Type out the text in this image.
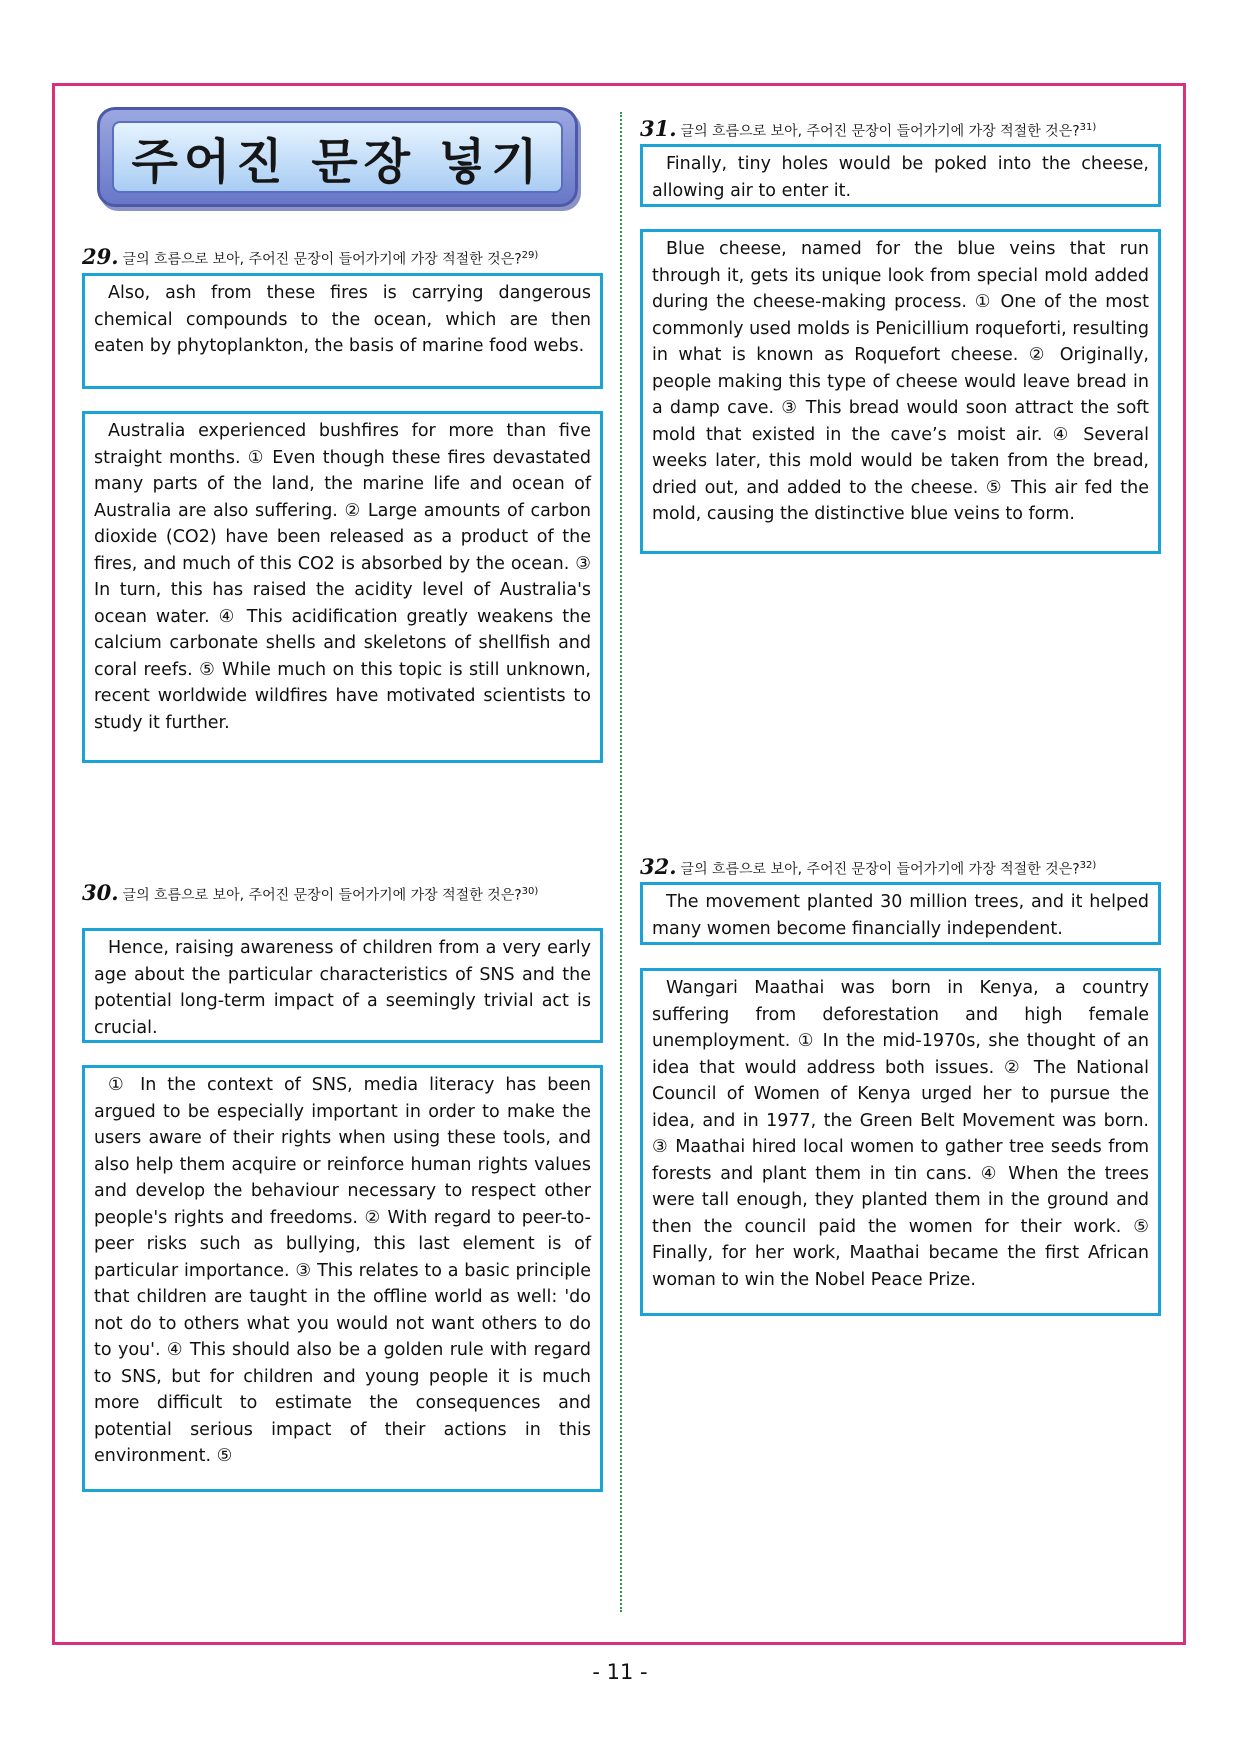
주어진 문장 넣기
29. 글의 흐름으로 보아, 주어진 문장이 들어가기에 가장 적절한 것은?$^{29)}$

Also, ash from these fires is carrying dangerous chemical compounds to the ocean, which are then eaten by phytoplankton, the basis of marine food webs.

Australia experienced bushfires for more than five straight months. ① Even though these fires devastated many parts of the land, the marine life and ocean of Australia are also suffering. ② Large amounts of carbon dioxide (CO2) have been released as a product of the fires, and much of this CO2 is absorbed by the ocean. ③ In turn, this has raised the acidity level of Australia's ocean water. ④ This acidification greatly weakens the calcium carbonate shells and skeletons of shellfish and coral reefs. ⑤ While much on this topic is still unknown, recent worldwide wildfires have motivated scientists to study it further.

30. 글의 흐름으로 보아, 주어진 문장이 들어가기에 가장 적절한 것은?$^{30)}$

Hence, raising awareness of children from a very early age about the particular characteristics of SNS and the potential long-term impact of a seemingly trivial act is crucial.

① In the context of SNS, media literacy has been argued to be especially important in order to make the users aware of their rights when using these tools, and also help them acquire or reinforce human rights values and develop the behaviour necessary to respect other people's rights and freedoms. ② With regard to peer-to-peer risks such as bullying, this last element is of particular importance. ③ This relates to a basic principle that children are taught in the offline world as well: 'do not do to others what you would not want others to do to you'. ④ This should also be a golden rule with regard to SNS, but for children and young people it is much more difficult to estimate the consequences and potential serious impact of their actions in this environment. ⑤

31. 글의 흐름으로 보아, 주어진 문장이 들어가기에 가장 적절한 것은?$^{31)}$

Finally, tiny holes would be poked into the cheese, allowing air to enter it.

Blue cheese, named for the blue veins that run through it, gets its unique look from special mold added during the cheese-making process. ① One of the most commonly used molds is Penicillium roqueforti, resulting in what is known as Roquefort cheese. ② Originally, people making this type of cheese would leave bread in a damp cave. ③ This bread would soon attract the soft mold that existed in the cave’s moist air. ④ Several weeks later, this mold would be taken from the bread, dried out, and added to the cheese. ⑤ This air fed the mold, causing the distinctive blue veins to form.

32. 글의 흐름으로 보아, 주어진 문장이 들어가기에 가장 적절한 것은?$^{32)}$

The movement planted 30 million trees, and it helped many women become financially independent.

Wangari Maathai was born in Kenya, a country suffering from deforestation and high female unemployment. ① In the mid-1970s, she thought of an idea that would address both issues. ② The National Council of Women of Kenya urged her to pursue the idea, and in 1977, the Green Belt Movement was born. ③ Maathai hired local women to gather tree seeds from forests and plant them in tin cans. ④ When the trees were tall enough, they planted them in the ground and then the council paid the women for their work. ⑤ Finally, for her work, Maathai became the first African woman to win the Nobel Peace Prize.

- 11 -
